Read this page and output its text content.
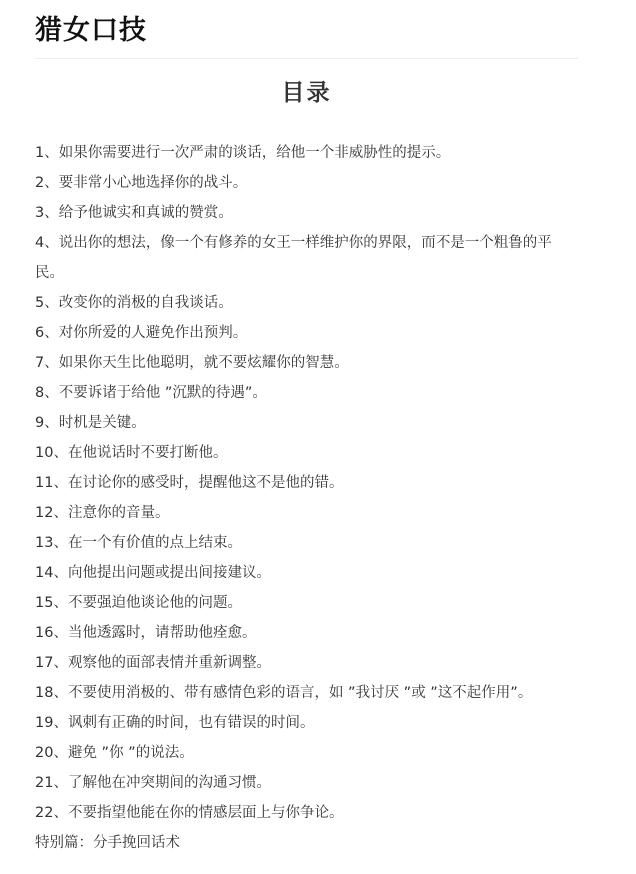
猎女口技
目录
1、如果你需要进行一次严肃的谈话，给他一个非威胁性的提示。
2、要非常小心地选择你的战斗。
3、给予他诚实和真诚的赞赏。
4、说出你的想法，像一个有修养的女王一样维护你的界限，而不是一个粗鲁的平民。
5、改变你的消极的自我谈话。
6、对你所爱的人避免作出预判。
7、如果你天生比他聪明，就不要炫耀你的智慧。
8、不要诉诸于给他 ”沉默的待遇”。
9、时机是关键。
10、在他说话时不要打断他。
11、在讨论你的感受时，提醒他这不是他的错。
12、注意你的音量。
13、在一个有价值的点上结束。
14、向他提出问题或提出间接建议。
15、不要强迫他谈论他的问题。
16、当他透露时，请帮助他痊愈。
17、观察他的面部表情并重新调整。
18、不要使用消极的、带有感情色彩的语言，如 ”我讨厌 ”或 ”这不起作用”。
19、讽刺有正确的时间，也有错误的时间。
20、避免 ”你 ”的说法。
21、了解他在冲突期间的沟通习惯。
22、不要指望他能在你的情感层面上与你争论。

特别篇：分手挽回话术
